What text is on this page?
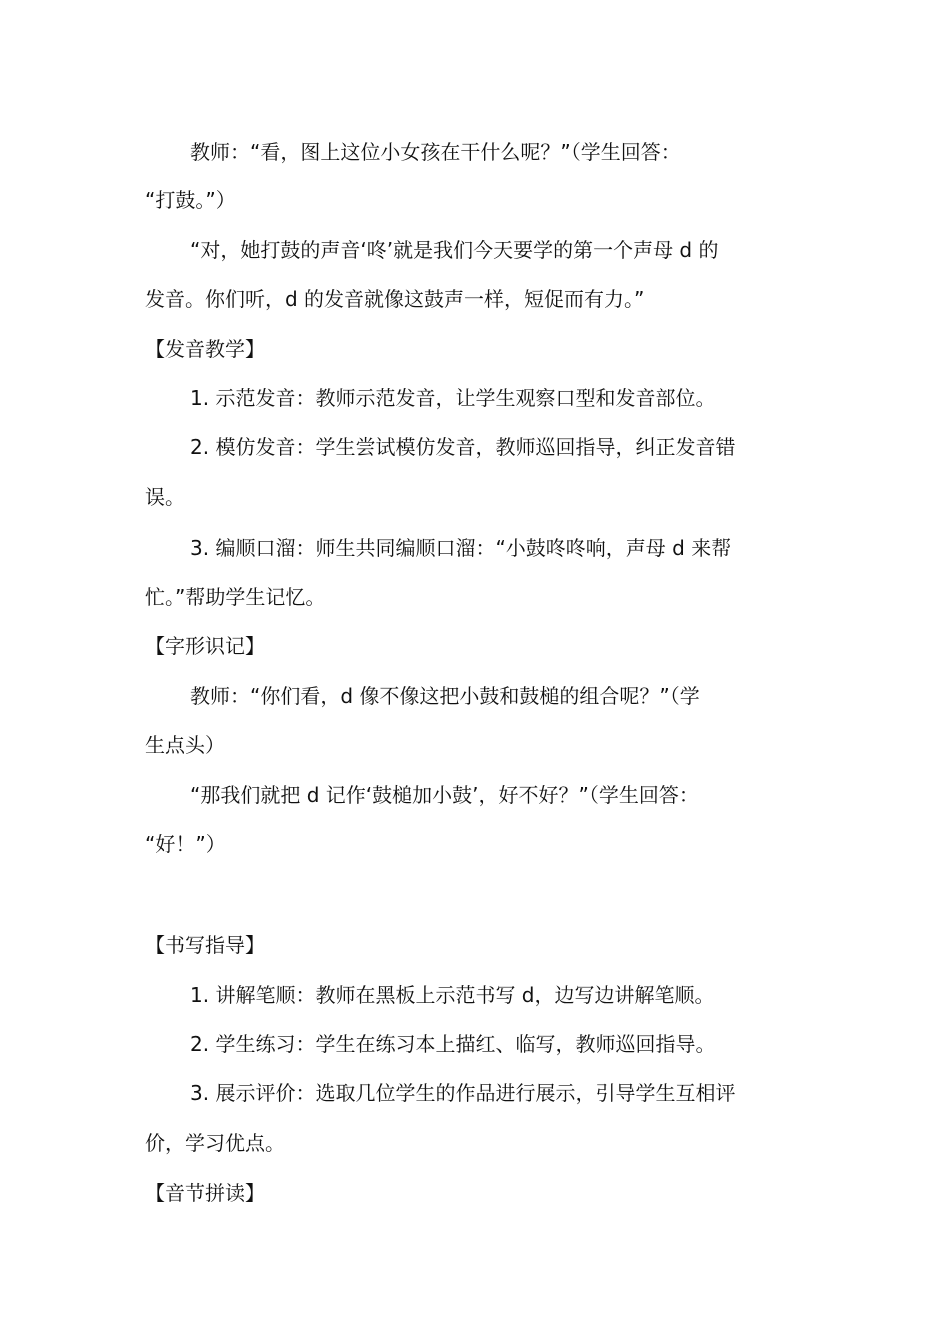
教师：“看，图上这位小女孩在干什么呢？”（学生回答：
“打鼓。”）
“对，她打鼓的声音‘咚’就是我们今天要学的第一个声母 d 的
发音。你们听，d 的发音就像这鼓声一样，短促而有力。”
【发音教学】
1. 示范发音：教师示范发音，让学生观察口型和发音部位。
2. 模仿发音：学生尝试模仿发音，教师巡回指导，纠正发音错
误。
3. 编顺口溜：师生共同编顺口溜：“小鼓咚咚响，声母 d 来帮
忙。”帮助学生记忆。
【字形识记】
教师：“你们看，d 像不像这把小鼓和鼓槌的组合呢？”（学
生点头）
“那我们就把 d 记作‘鼓槌加小鼓’，好不好？”（学生回答：
“好！”）
【书写指导】
1. 讲解笔顺：教师在黑板上示范书写 d，边写边讲解笔顺。
2. 学生练习：学生在练习本上描红、临写，教师巡回指导。
3. 展示评价：选取几位学生的作品进行展示，引导学生互相评
价，学习优点。
【音节拼读】
